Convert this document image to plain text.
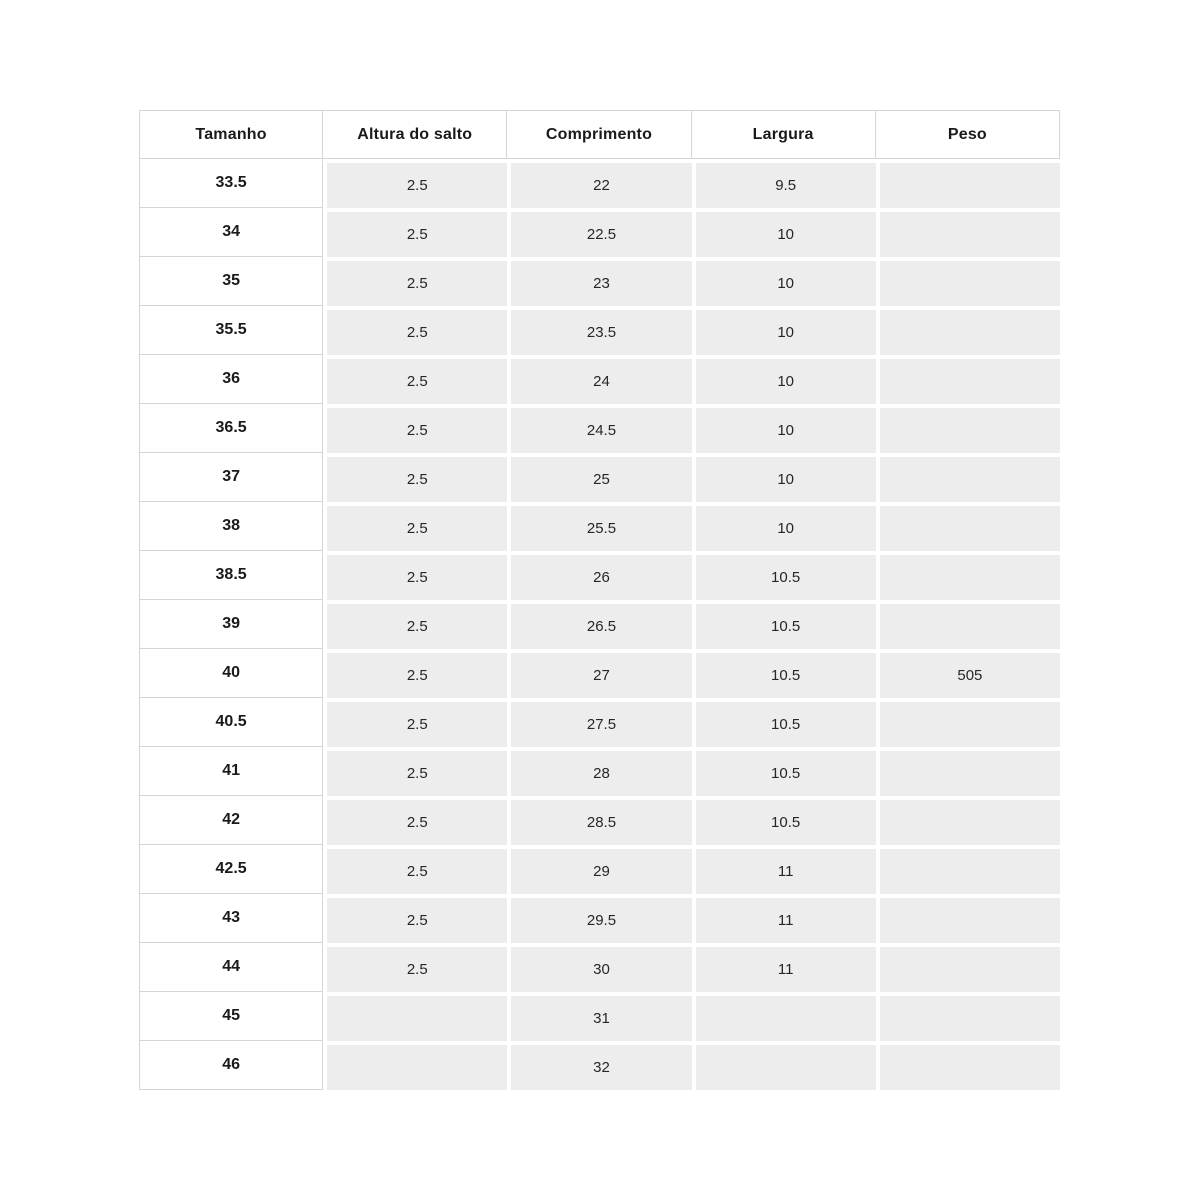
Tamanho	Altura do salto	Comprimento	Largura	Peso
33.5	2.5	22	9.5	
34	2.5	22.5	10	
35	2.5	23	10	
35.5	2.5	23.5	10	
36	2.5	24	10	
36.5	2.5	24.5	10	
37	2.5	25	10	
38	2.5	25.5	10	
38.5	2.5	26	10.5	
39	2.5	26.5	10.5	
40	2.5	27	10.5	505
40.5	2.5	27.5	10.5	
41	2.5	28	10.5	
42	2.5	28.5	10.5	
42.5	2.5	29	11	
43	2.5	29.5	11	
44	2.5	30	11	
45		31		
46		32		
